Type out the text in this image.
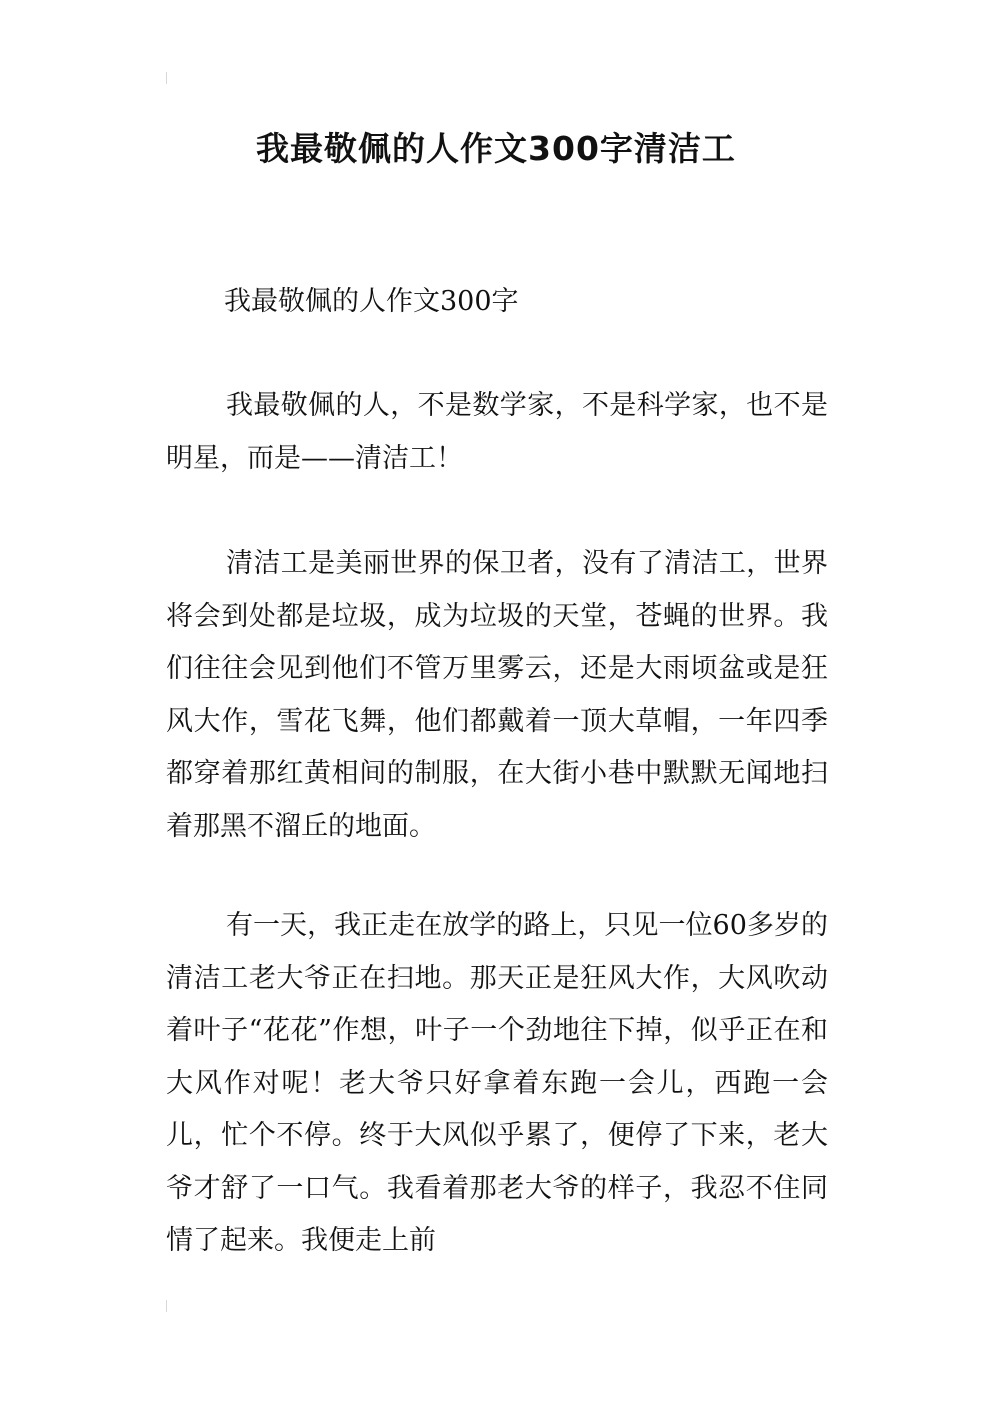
我最敬佩的人作文300字清洁工

我最敬佩的人作文300字

我最敬佩的人，不是数学家，不是科学家，也不是明星，而是——清洁工！

清洁工是美丽世界的保卫者，没有了清洁工，世界将会到处都是垃圾，成为垃圾的天堂，苍蝇的世界。我们往往会见到他们不管万里雾云，还是大雨顷盆或是狂风大作，雪花飞舞，他们都戴着一顶大草帽，一年四季都穿着那红黄相间的制服，在大街小巷中默默无闻地扫着那黑不溜丘的地面。

有一天，我正走在放学的路上，只见一位60多岁的清洁工老大爷正在扫地。那天正是狂风大作，大风吹动着叶子“花花”作想，叶子一个劲地往下掉，似乎正在和大风作对呢！老大爷只好拿着东跑一会儿，西跑一会儿，忙个不停。终于大风似乎累了，便停了下来，老大爷才舒了一口气。我看着那老大爷的样子，我忍不住同情了起来。我便走上前
